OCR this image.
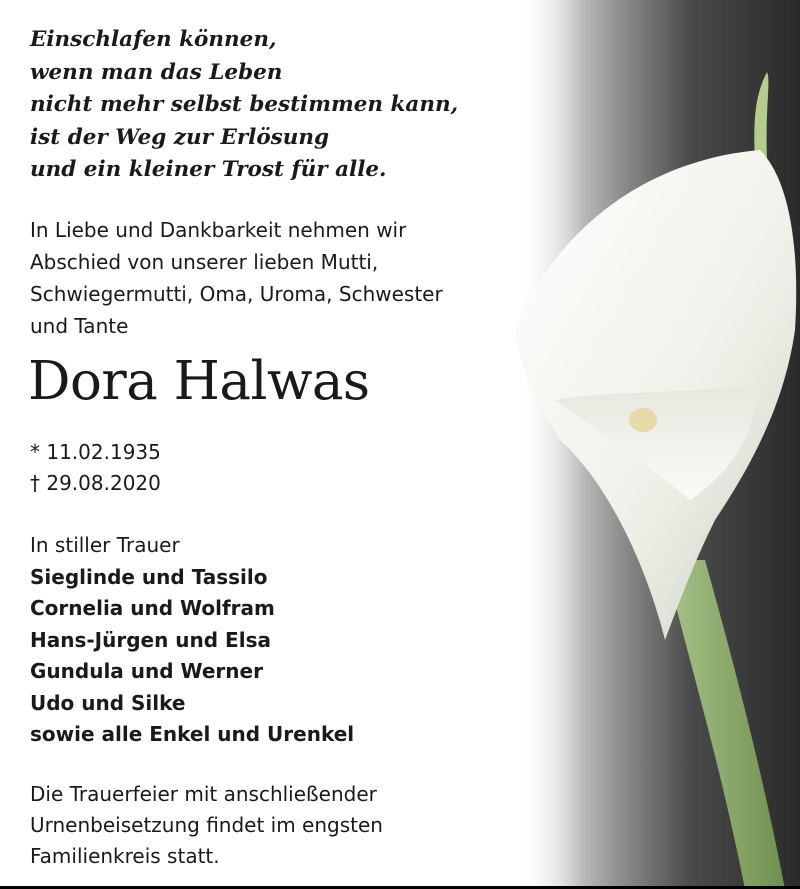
Einschlafen können,
wenn man das Leben
nicht mehr selbst bestimmen kann,
ist der Weg zur Erlösung
und ein kleiner Trost für alle.
In Liebe und Dankbarkeit nehmen wir
Abschied von unserer lieben Mutti,
Schwiegermutti, Oma, Uroma, Schwester
und Tante
Dora Halwas
* 11.02.1935
† 29.08.2020
In stiller Trauer
Sieglinde und Tassilo
Cornelia und Wolfram
Hans-Jürgen und Elsa
Gundula und Werner
Udo und Silke
sowie alle Enkel und Urenkel
Die Trauerfeier mit anschließender
Urnenbeisetzung findet im engsten
Familienkreis statt.
